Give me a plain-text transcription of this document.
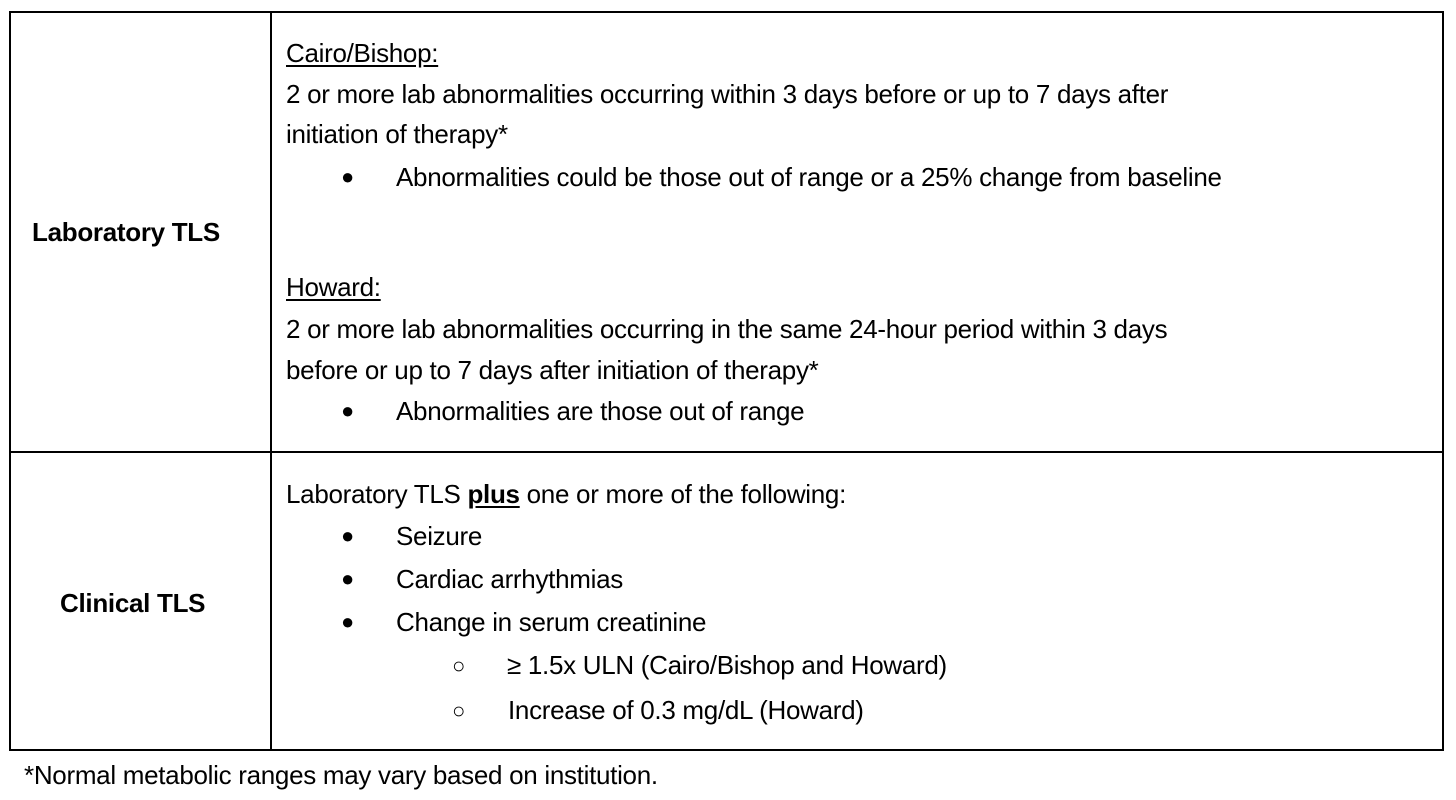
Laboratory TLS
Cairo/Bishop:
2 or more lab abnormalities occurring within 3 days before or up to 7 days after
initiation of therapy*
● Abnormalities could be those out of range or a 25% change from baseline
Howard:
2 or more lab abnormalities occurring in the same 24-hour period within 3 days
before or up to 7 days after initiation of therapy*
● Abnormalities are those out of range
Clinical TLS
Laboratory TLS plus one or more of the following:
● Seizure
● Cardiac arrhythmias
● Change in serum creatinine
○ ≥ 1.5x ULN (Cairo/Bishop and Howard)
○ Increase of 0.3 mg/dL (Howard)
*Normal metabolic ranges may vary based on institution.
